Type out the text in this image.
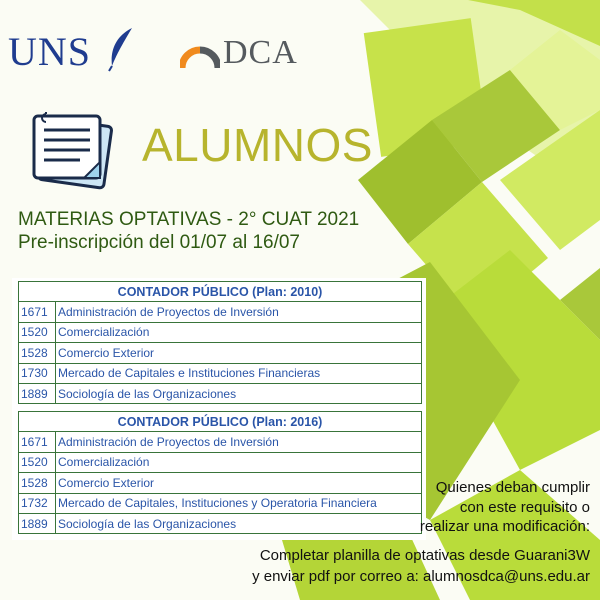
UNS	DCA
ALUMNOS
MATERIAS OPTATIVAS - 2° CUAT 2021
Pre-inscripción del 01/07 al 16/07
CONTADOR PÚBLICO (Plan: 2010)	
1671	Administración de Proyectos de Inversión
1520	Comercialización
1528	Comercio Exterior
1730	Mercado de Capitales e Instituciones Financieras
1889	Sociología de las Organizaciones
CONTADOR PÚBLICO (Plan: 2016)	
1671	Administración de Proyectos de Inversión
1520	Comercialización
1528	Comercio Exterior
1732	Mercado de Capitales, Instituciones y Operatoria Financiera
1889	Sociología de las Organizaciones
Quienes deban cumplir
con este requisito o
realizar una modificación:
Completar planilla de optativas desde Guarani3W
y enviar pdf por correo a: alumnosdca@uns.edu.ar
